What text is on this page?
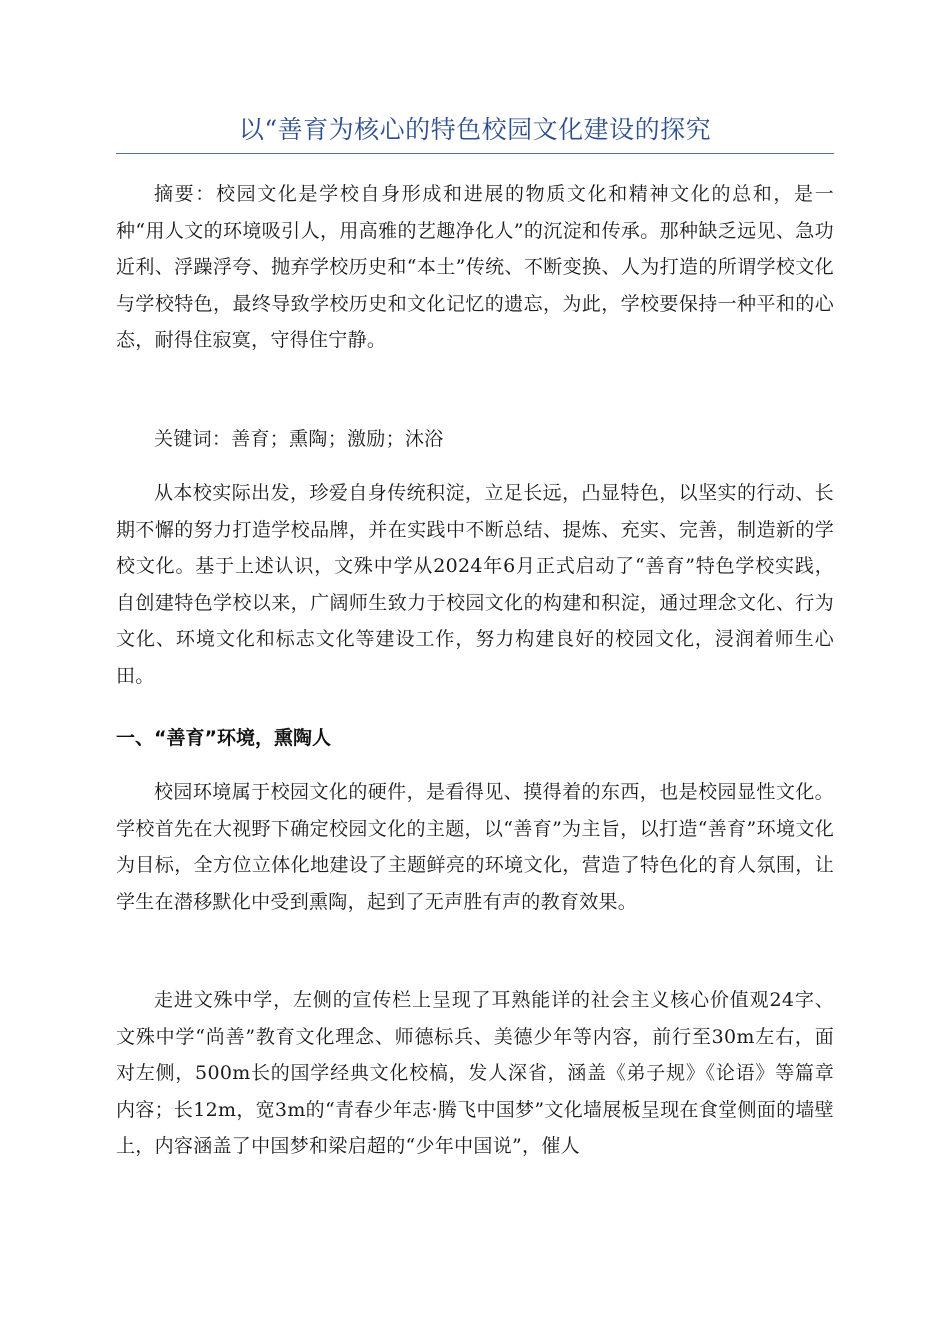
以“善育为核心的特色校园文化建设的探究

摘要：校园文化是学校自身形成和进展的物质文化和精神文化的总和，是一种“用人文的环境吸引人，用高雅的艺趣净化人”的沉淀和传承。那种缺乏远见、急功近利、浮躁浮夸、抛弃学校历史和“本土”传统、不断变换、人为打造的所谓学校文化与学校特色，最终导致学校历史和文化记忆的遗忘，为此，学校要保持一种平和的心态，耐得住寂寞，守得住宁静。

关键词：善育；熏陶；激励；沐浴

从本校实际出发，珍爱自身传统积淀，立足长远，凸显特色，以坚实的行动、长期不懈的努力打造学校品牌，并在实践中不断总结、提炼、充实、完善，制造新的学校文化。基于上述认识，文殊中学从2024年6月正式启动了“善育”特色学校实践，自创建特色学校以来，广阔师生致力于校园文化的构建和积淀，通过理念文化、行为文化、环境文化和标志文化等建设工作，努力构建良好的校园文化，浸润着师生心田。

一、“善育”环境，熏陶人

校园环境属于校园文化的硬件，是看得见、摸得着的东西，也是校园显性文化。学校首先在大视野下确定校园文化的主题，以“善育”为主旨，以打造“善育”环境文化为目标，全方位立体化地建设了主题鲜亮的环境文化，营造了特色化的育人氛围，让学生在潜移默化中受到熏陶，起到了无声胜有声的教育效果。

走进文殊中学，左侧的宣传栏上呈现了耳熟能详的社会主义核心价值观24字、文殊中学“尚善”教育文化理念、师德标兵、美德少年等内容，前行至30m左右，面对左侧，500m长的国学经典文化校槁，发人深省，涵盖《弟子规》《论语》等篇章内容；长12m，宽3m的“青春少年志·腾飞中国梦”文化墙展板呈现在食堂侧面的墙壁上，内容涵盖了中国梦和梁启超的“少年中国说”，催人
